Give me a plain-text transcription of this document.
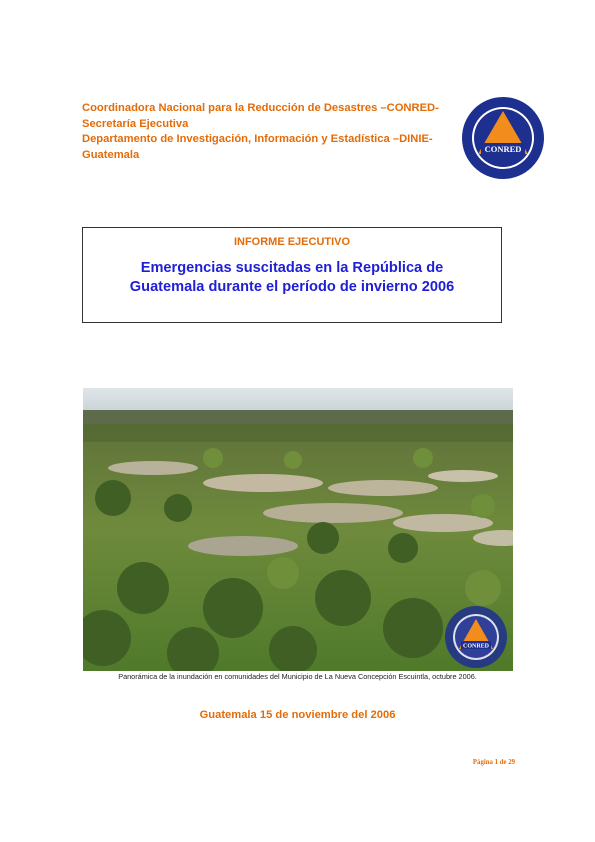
Coordinadora Nacional para la Reducción de Desastres –CONRED-
Secretaría Ejecutiva
Departamento de Investigación, Información y Estadística –DINIE-
Guatemala	CONRED
INFORME EJECUTIVO
Emergencias suscitadas en la República de
Guatemala durante el período de invierno 2006
CONRED
Panorámica de la inundación en comunidades del Municipio de La Nueva Concepción Escuintla, octubre 2006.
Guatemala 15 de noviembre del 2006
Página 1 de 29
